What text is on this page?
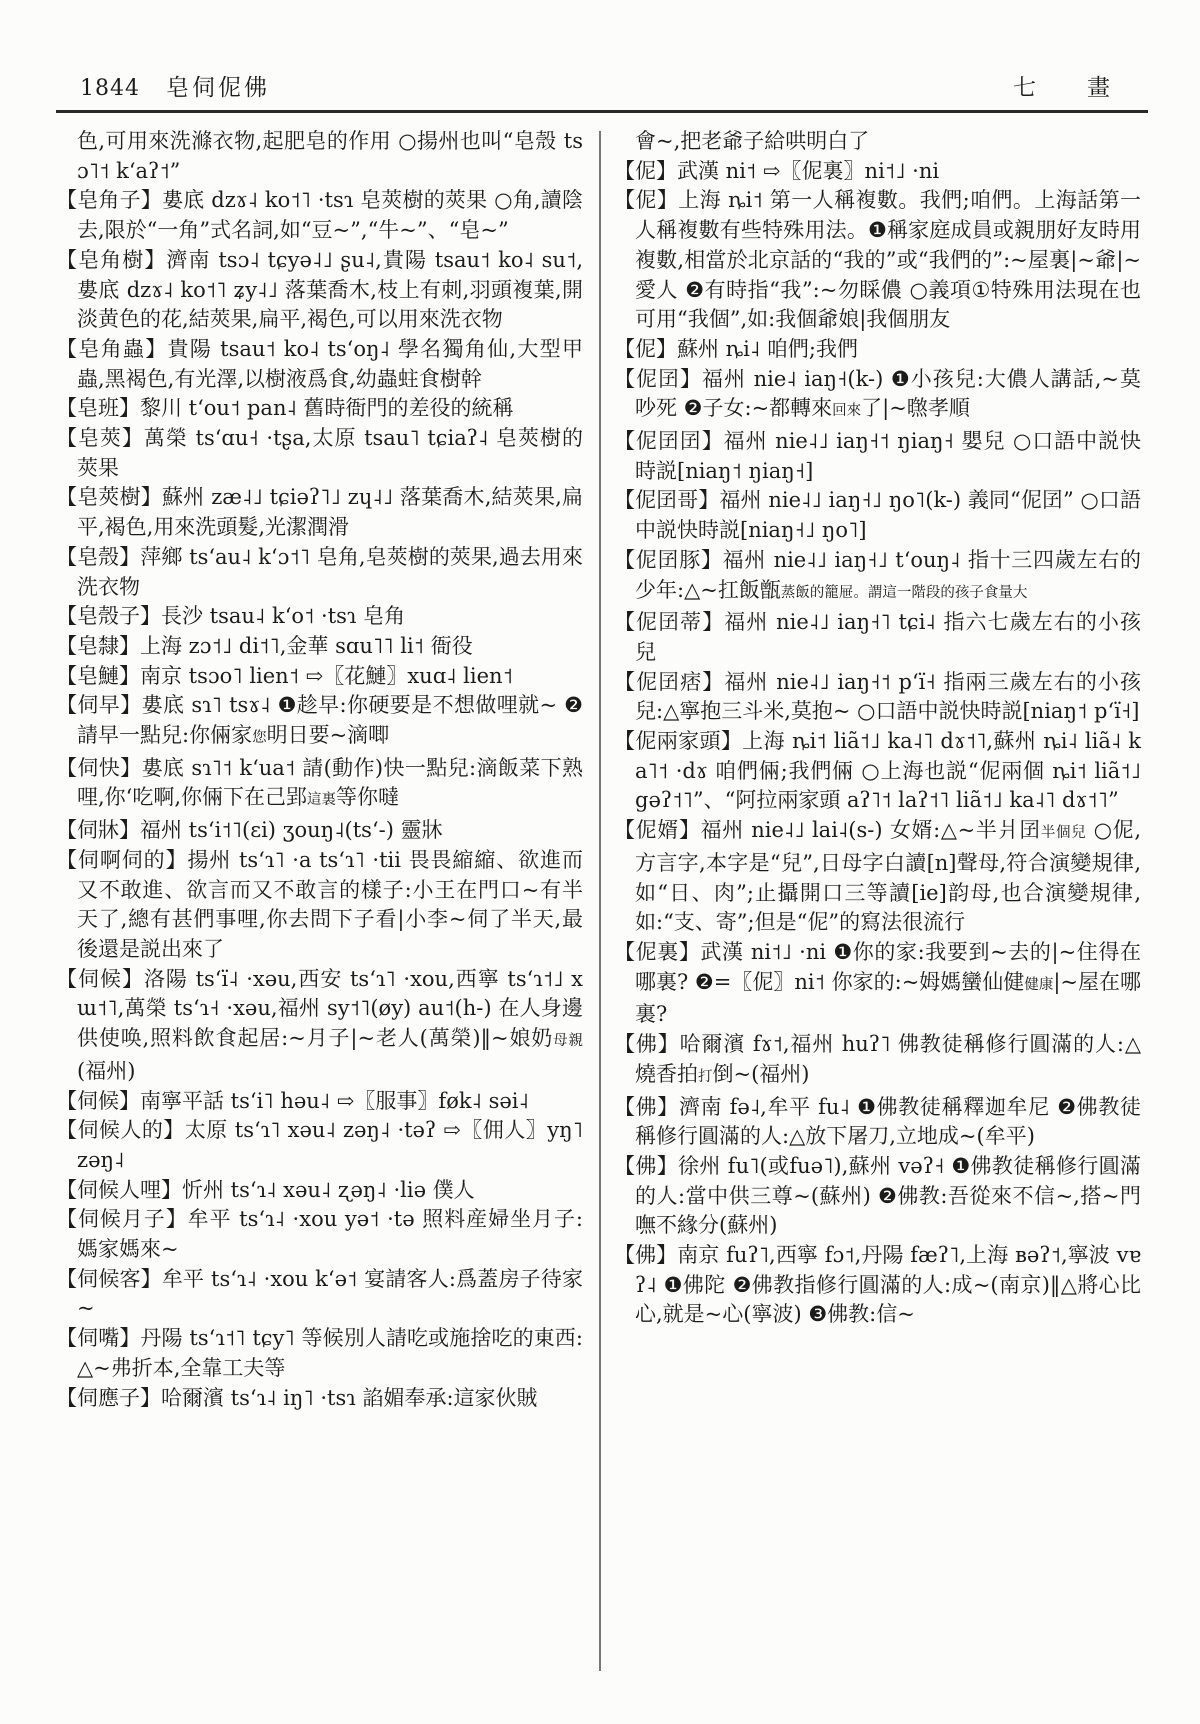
1844 皂伺伲佛	七　畫

色,可用來洗滌衣物,起肥皂的作用 ○揚州也叫“皂殼 tsɔ˥˦ kʻaʔ˦”

【皂角子】婁底 dzɤ˨ ko˦˥ ·tsɿ 皂莢樹的莢果 ○角,讀陰去,限於“一角”式名詞,如“豆~”,“牛~”、“皂~”

【皂角樹】濟南 tsɔ˨ tɕyə˨˩ ʂu˨,貴陽 tsau˦ ko˨ su˦,婁底 dzɤ˨ ko˦˥ ʑy˨˩ 落葉喬木,枝上有刺,羽頭複葉,開淡黄色的花,結莢果,扁平,褐色,可以用來洗衣物

【皂角蟲】貴陽 tsau˦ ko˨ tsʻoŋ˨ 學名獨角仙,大型甲蟲,黑褐色,有光澤,以樹液爲食,幼蟲蛀食樹幹

【皂班】黎川 tʻou˦ pan˨ 舊時衙門的差役的統稱

【皂莢】萬榮 tsʻɑu˧ ·tʂa,太原 tsau˥ tɕiaʔ˨ 皂莢樹的莢果

【皂莢樹】蘇州 zæ˨˩ tɕiəʔ˥˩ zɥ˨˩ 落葉喬木,結莢果,扁平,褐色,用來洗頭髮,光潔潤滑

【皂殼】萍鄉 tsʻau˨ kʻɔ˦˥ 皂角,皂莢樹的莢果,過去用來洗衣物

【皂殼子】長沙 tsau˨ kʻo˦ ·tsɿ 皂角

【皂隸】上海 zɔ˦˩ di˦˥,金華 sɑu˥˥ li˦ 衙役

【皂鰱】南京 tsɔo˥ lien˦ ⇨〖花鰱〗xuɑ˨ lien˦

【伺早】婁底 sɿ˥ tsɤ˨ ❶趁早:你硬要是不想做哩就~ ❷請早一點兒:你倆家您明日要~滴唧

【伺快】婁底 sɿ˥˦ kʻua˦ 請(動作)快一點兒:滴飯菜下熟哩,你‘吃啊,你倆下在己郢這裏等你噠

【伺牀】福州 tsʻi˦˥(ɛi) ʒouŋ˨(tsʻ-) 靈牀

【伺啊伺的】揚州 tsʻɿ˥ ·a tsʻɿ˥ ·tii 畏畏縮縮、欲進而又不敢進、欲言而又不敢言的樣子:小王在門口~有半天了,總有甚們事哩,你去問下子看|小李~伺了半天,最後還是説出來了

【伺候】洛陽 tsʻï˨ ·xəu,西安 tsʻɿ˥ ·xou,西寧 tsʻɿ˦˩ xɯ˦˥,萬榮 tsʻɿ˧ ·xəu,福州 sy˦˥(øy) au˦(h-) 在人身邊供使唤,照料飲食起居:~月子|~老人(萬榮)‖~娘奶母親(福州)

【伺候】南寧平話 tsʻi˥ həu˨ ⇨〖服事〗føk˨ səi˨

【伺候人的】太原 tsʻɿ˥ xəu˨ zəŋ˨ ·təʔ ⇨〖佣人〗yŋ˥ zəŋ˨

【伺候人哩】忻州 tsʻɿ˨ xəu˨ ʐəŋ˨ ·liə 僕人

【伺候月子】牟平 tsʻɿ˨ ·xou yə˦ ·tə 照料産婦坐月子:媽家媽來~

【伺候客】牟平 tsʻɿ˨ ·xou kʻə˦ 宴請客人:爲蓋房子待家~

【伺嘴】丹陽 tsʻɿ˦˥ tɕy˥ 等候別人請吃或施捨吃的東西:△~弗折本,全靠工夫等

【伺應子】哈爾濱 tsʻɿ˨ iŋ˥ ·tsɿ 諂媚奉承:這家伙賊

會~,把老爺子給哄明白了

【伲】武漢 ni˦ ⇨〖伲裏〗ni˦˩ ·ni

【伲】上海 ȵi˦ 第一人稱複數。我們;咱們。上海話第一人稱複數有些特殊用法。❶稱家庭成員或親朋好友時用複數,相當於北京話的“我的”或“我們的”:~屋裏|~爺|~愛人 ❷有時指“我”:~勿睬儂 ○義項①特殊用法現在也可用“我個”,如:我個爺娘|我個朋友

【伲】蘇州 ȵi˨ 咱們;我們

【伲囝】福州 nie˨ iaŋ˧(k-) ❶小孩兒:大儂人講話,~莫吵死 ❷子女:~都轉來回來了|~㬠孝順

【伲囝囝】福州 nie˨˩ iaŋ˧˦ ŋiaŋ˧ 嬰兒 ○口語中説快時説[niaŋ˦ ŋiaŋ˧]

【伲囝哥】福州 nie˨˩ iaŋ˧˩ ŋo˥(k-) 義同“伲囝” ○口語中説快時説[niaŋ˧˩ ŋo˥]

【伲囝豚】福州 nie˨˩ iaŋ˧˩ tʻouŋ˨ 指十三四歲左右的少年:△~扛飯甑蒸飯的籠屉。謂這一階段的孩子食量大

【伲囝蒂】福州 nie˨˩ iaŋ˧˥ tɕi˨ 指六七歲左右的小孩兒

【伲囝痞】福州 nie˨˩ iaŋ˧˦ pʻï˧ 指兩三歲左右的小孩兒:△寧抱三斗米,莫抱~ ○口語中説快時説[niaŋ˦ pʻï˧]

【伲兩家頭】上海 ȵi˦ liã˦˩ ka˨˥ dɤ˦˥,蘇州 ȵi˨ liã˨ ka˥˦ ·dɤ 咱們倆;我們倆 ○上海也説“伲兩個 ȵi˦ liã˦˩ gəʔ˦˥”、“阿拉兩家頭 aʔ˥˦ laʔ˦˥ liã˦˩ ka˨˥ dɤ˦˥”

【伲婿】福州 nie˨˩ lai˨(s-) 女婿:△~半爿囝半個兒 ○伲,方言字,本字是“兒”,日母字白讀[n]聲母,符合演變規律,如“日、肉”;止攝開口三等讀[ie]韵母,也合演變規律,如:“支、寄”;但是“伲”的寫法很流行

【伲裏】武漢 ni˦˩ ·ni ❶你的家:我要到~去的|~住得在哪裏? ❷=〖伲〗ni˦ 你家的:~姆媽蠻仙健健康|~屋在哪裏?

【佛】哈爾濱 fɤ˦,福州 huʔ˥ 佛教徒稱修行圓滿的人:△燒香拍打倒~(福州)

【佛】濟南 fə˨,牟平 fu˨ ❶佛教徒稱釋迦牟尼 ❷佛教徒稱修行圓滿的人:△放下屠刀,立地成~(牟平)

【佛】徐州 fu˥(或fuə˥),蘇州 vəʔ˧ ❶佛教徒稱修行圓滿的人:當中供三尊~(蘇州) ❷佛教:吾從來不信~,搭~門嘸不緣分(蘇州)

【佛】南京 fuʔ˥,西寧 fɔ˦,丹陽 fæʔ˥,上海 ʙəʔ˦,寧波 vɐʔ˨ ❶佛陀 ❷佛教指修行圓滿的人:成~(南京)‖△將心比心,就是~心(寧波) ❸佛教:信~
